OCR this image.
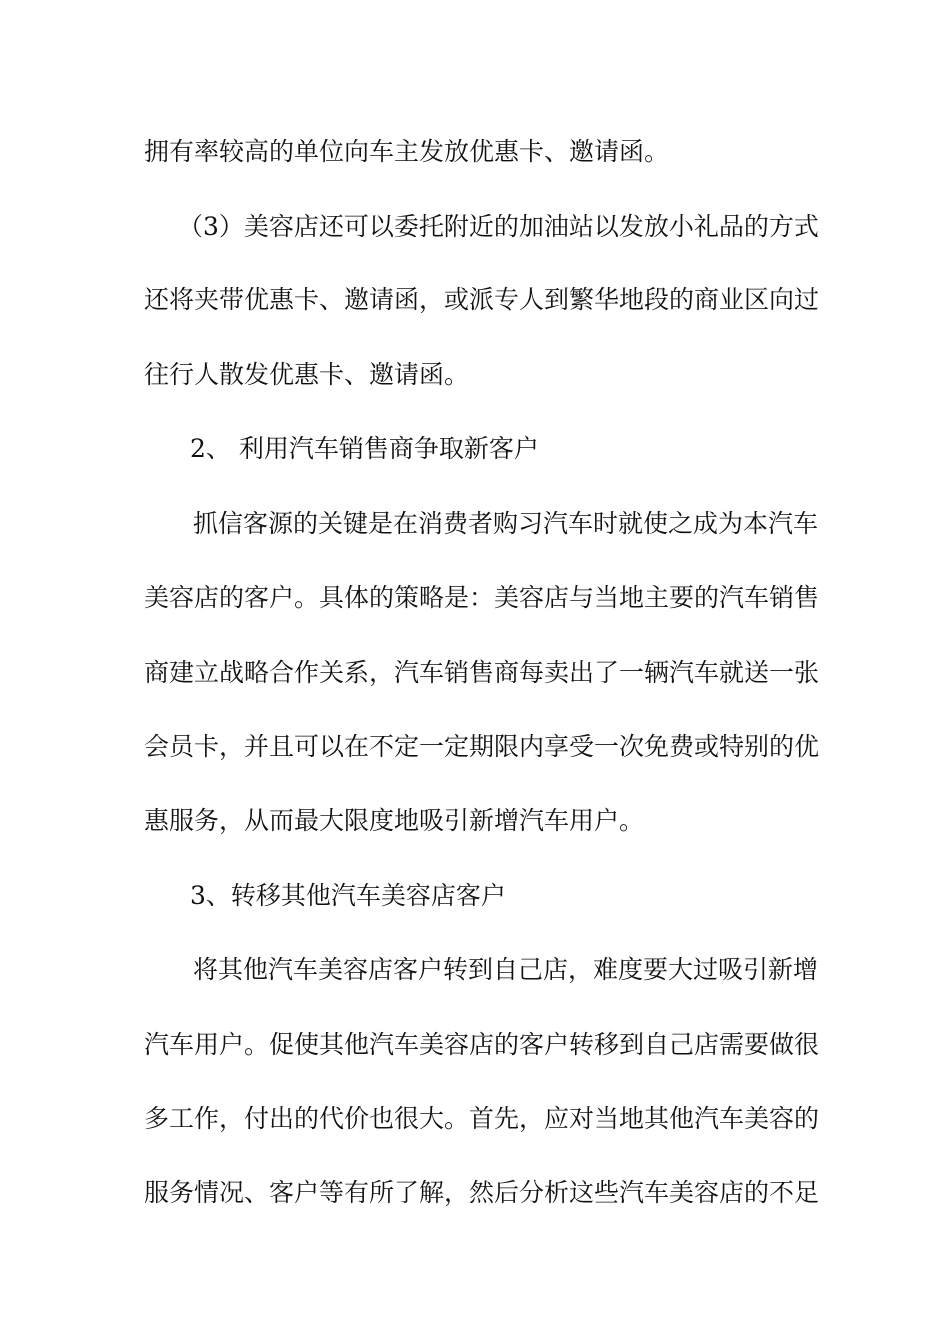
拥有率较高的单位向车主发放优惠卡、邀请函。
（3）美容店还可以委托附近的加油站以发放小礼品的方式
还将夹带优惠卡、邀请函，或派专人到繁华地段的商业区向过
往行人散发优惠卡、邀请函。
2、 利用汽车销售商争取新客户
抓信客源的关键是在消费者购习汽车时就使之成为本汽车
美容店的客户。具体的策略是：美容店与当地主要的汽车销售
商建立战略合作关系，汽车销售商每卖出了一辆汽车就送一张
会员卡，并且可以在不定一定期限内享受一次免费或特别的优
惠服务，从而最大限度地吸引新增汽车用户。
3、转移其他汽车美容店客户
将其他汽车美容店客户转到自己店，难度要大过吸引新增
汽车用户。促使其他汽车美容店的客户转移到自己店需要做很
多工作，付出的代价也很大。首先，应对当地其他汽车美容的
服务情况、客户等有所了解，然后分析这些汽车美容店的不足
